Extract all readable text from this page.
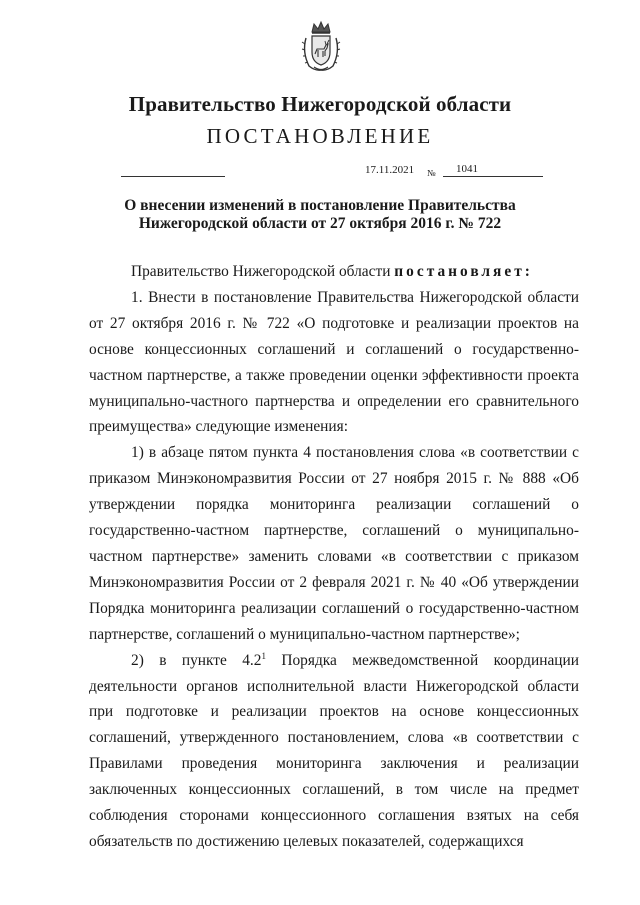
Правительство Нижегородской области
ПОСТАНОВЛЕНИЕ
17.11.2021 №	1041
О внесении изменений в постановление Правительства
Нижегородской области от 27 октября 2016 г. № 722

Правительство Нижегородской области постановляет:

1. Внести в постановление Правительства Нижегородской области от 27 октября 2016 г. № 722 «О подготовке и реализации проектов на основе концессионных соглашений и соглашений о государственно-частном партнерстве, а также проведении оценки эффективности проекта муниципально-частного партнерства и определении его сравнительного преимущества» следующие изменения:

1) в абзаце пятом пункта 4 постановления слова «в соответствии с приказом Минэкономразвития России от 27 ноября 2015 г. № 888 «Об утверждении порядка мониторинга реализации соглашений о государственно-частном партнерстве, соглашений о муниципально-частном партнерстве» заменить словами «в соответствии с приказом Минэкономразвития России от 2 февраля 2021 г. № 40 «Об утверждении Порядка мониторинга реализации соглашений о государственно-частном партнерстве, соглашений о муниципально-частном партнерстве»;

2) в пункте $4.2^1$ Порядка межведомственной координации деятельности органов исполнительной власти Нижегородской области при подготовке и реализации проектов на основе концессионных соглашений, утвержденного постановлением, слова «в соответствии с Правилами проведения мониторинга заключения и реализации заключенных концессионных соглашений, в том числе на предмет соблюдения сторонами концессионного соглашения взятых на себя обязательств по достижению целевых показателей, содержащихся
